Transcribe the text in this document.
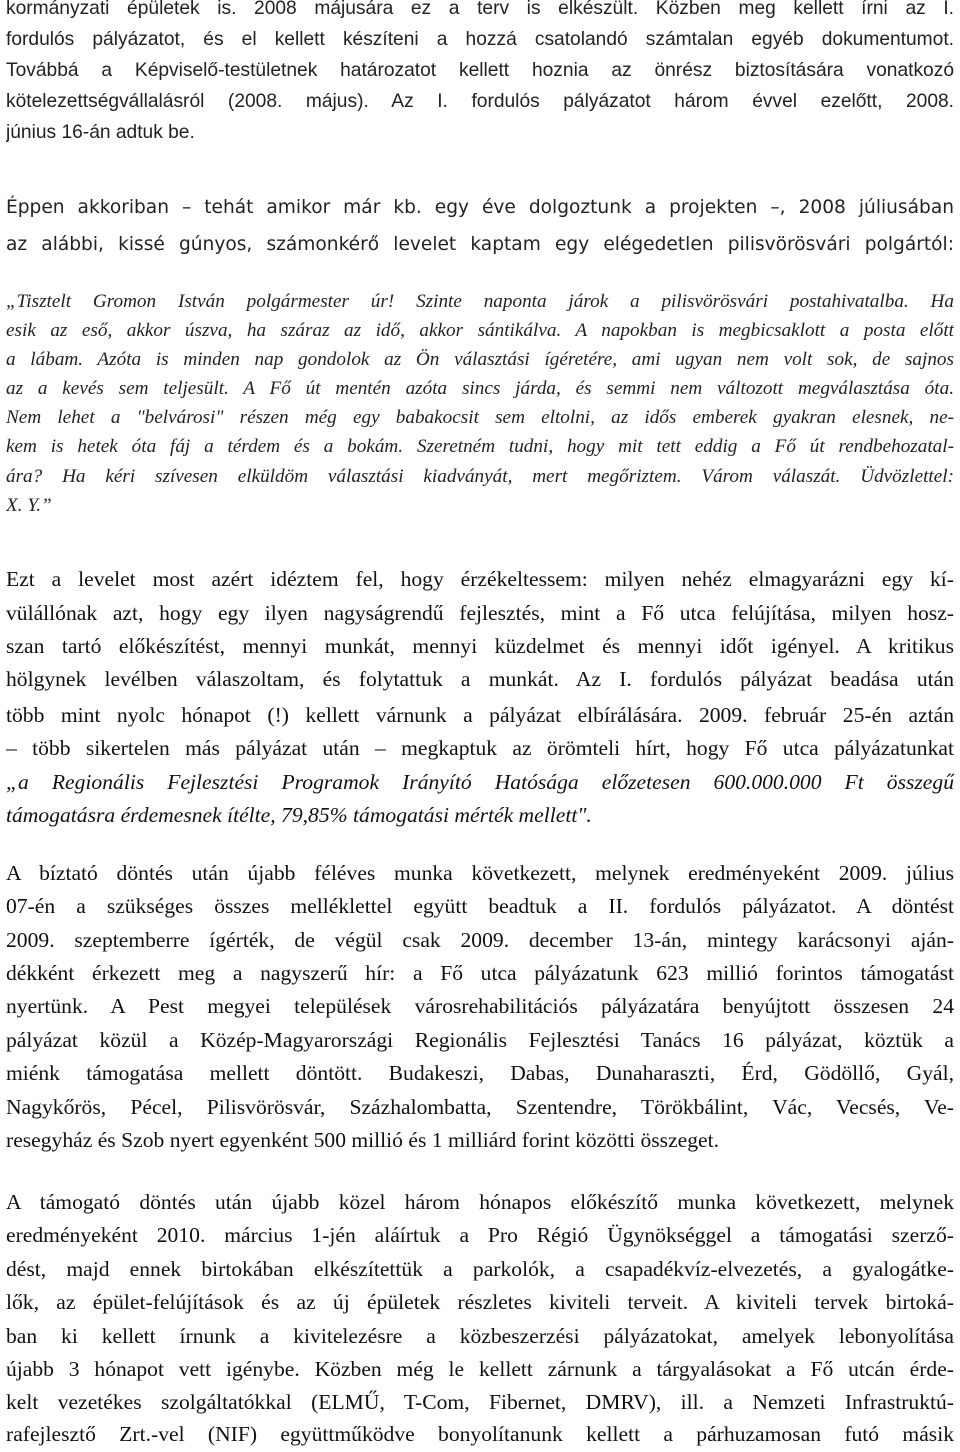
kormányzati épületek is. 2008 májusára ez a terv is elkészült. Közben meg kellett írni az I.
fordulós pályázatot, és el kellett készíteni a hozzá csatolandó számtalan egyéb dokumentumot.
Továbbá a Képviselő-testületnek határozatot kellett hoznia az önrész biztosítására vonatkozó
kötelezettségvállalásról (2008. május). Az I. fordulós pályázatot három évvel ezelőtt, 2008.
június 16-án adtuk be.
Éppen akkoriban – tehát amikor már kb. egy éve dolgoztunk a projekten –, 2008 júliusában
az alábbi, kissé gúnyos, számonkérő levelet kaptam egy elégedetlen pilisvörösvári polgártól:
„Tisztelt Gromon István polgármester úr! Szinte naponta járok a pilisvörösvári postahivatalba. Ha
esik az eső, akkor úszva, ha száraz az idő, akkor sántikálva. A napokban is megbicsaklott a posta előtt
a lábam. Azóta is minden nap gondolok az Ön választási ígéretére, ami ugyan nem volt sok, de sajnos
az a kevés sem teljesült. A Fő út mentén azóta sincs járda, és semmi nem változott megválasztása óta.
Nem lehet a "belvárosi" részen még egy babakocsit sem eltolni, az idős emberek gyakran elesnek, ne-
kem is hetek óta fáj a térdem és a bokám. Szeretném tudni, hogy mit tett eddig a Fő út rendbehozatal-
ára? Ha kéri szívesen elküldöm választási kiadványát, mert megőriztem. Várom válaszát. Üdvözlettel:
X. Y.”
Ezt a levelet most azért idéztem fel, hogy érzékeltessem: milyen nehéz elmagyarázni egy kí-
vülállónak azt, hogy egy ilyen nagyságrendű fejlesztés, mint a Fő utca felújítása, milyen hosz-
szan tartó előkészítést, mennyi munkát, mennyi küzdelmet és mennyi időt igényel. A kritikus
hölgynek levélben válaszoltam, és folytattuk a munkát. Az I. fordulós pályázat beadása után
több mint nyolc hónapot (!) kellett várnunk a pályázat elbírálására. 2009. február 25-én aztán
– több sikertelen más pályázat után – megkaptuk az örömteli hírt, hogy Fő utca pályázatunkat
„a Regionális Fejlesztési Programok Irányító Hatósága előzetesen 600.000.000 Ft összegű
támogatásra érdemesnek ítélte, 79,85% támogatási mérték mellett".
A bíztató döntés után újabb féléves munka következett, melynek eredményeként 2009. július
07-én a szükséges összes melléklettel együtt beadtuk a II. fordulós pályázatot. A döntést
2009. szeptemberre ígérték, de végül csak 2009. december 13-án, mintegy karácsonyi aján-
dékként érkezett meg a nagyszerű hír: a Fő utca pályázatunk 623 millió forintos támogatást
nyertünk. A Pest megyei települések városrehabilitációs pályázatára benyújtott összesen 24
pályázat közül a Közép-Magyarországi Regionális Fejlesztési Tanács 16 pályázat, köztük a
miénk támogatása mellett döntött. Budakeszi, Dabas, Dunaharaszti, Érd, Gödöllő, Gyál,
Nagykőrös, Pécel, Pilisvörösvár, Százhalombatta, Szentendre, Törökbálint, Vác, Vecsés, Ve-
resegyház és Szob nyert egyenként 500 millió és 1 milliárd forint közötti összeget.
A támogató döntés után újabb közel három hónapos előkészítő munka következett, melynek
eredményeként 2010. március 1-jén aláírtuk a Pro Régió Ügynökséggel a támogatási szerző-
dést, majd ennek birtokában elkészítettük a parkolók, a csapadékvíz-elvezetés, a gyalogátke-
lők, az épület-felújítások és az új épületek részletes kiviteli terveit. A kiviteli tervek birtoká-
ban ki kellett írnunk a kivitelezésre a közbeszerzési pályázatokat, amelyek lebonyolítása
újabb 3 hónapot vett igénybe. Közben még le kellett zárnunk a tárgyalásokat a Fő utcán érde-
kelt vezetékes szolgáltatókkal (ELMŰ, T-Com, Fibernet, DMRV), ill. a Nemzeti Infrastruktú-
rafejlesztő Zrt.-vel (NIF) együttműködve bonyolítanunk kellett a párhuzamosan futó másik
